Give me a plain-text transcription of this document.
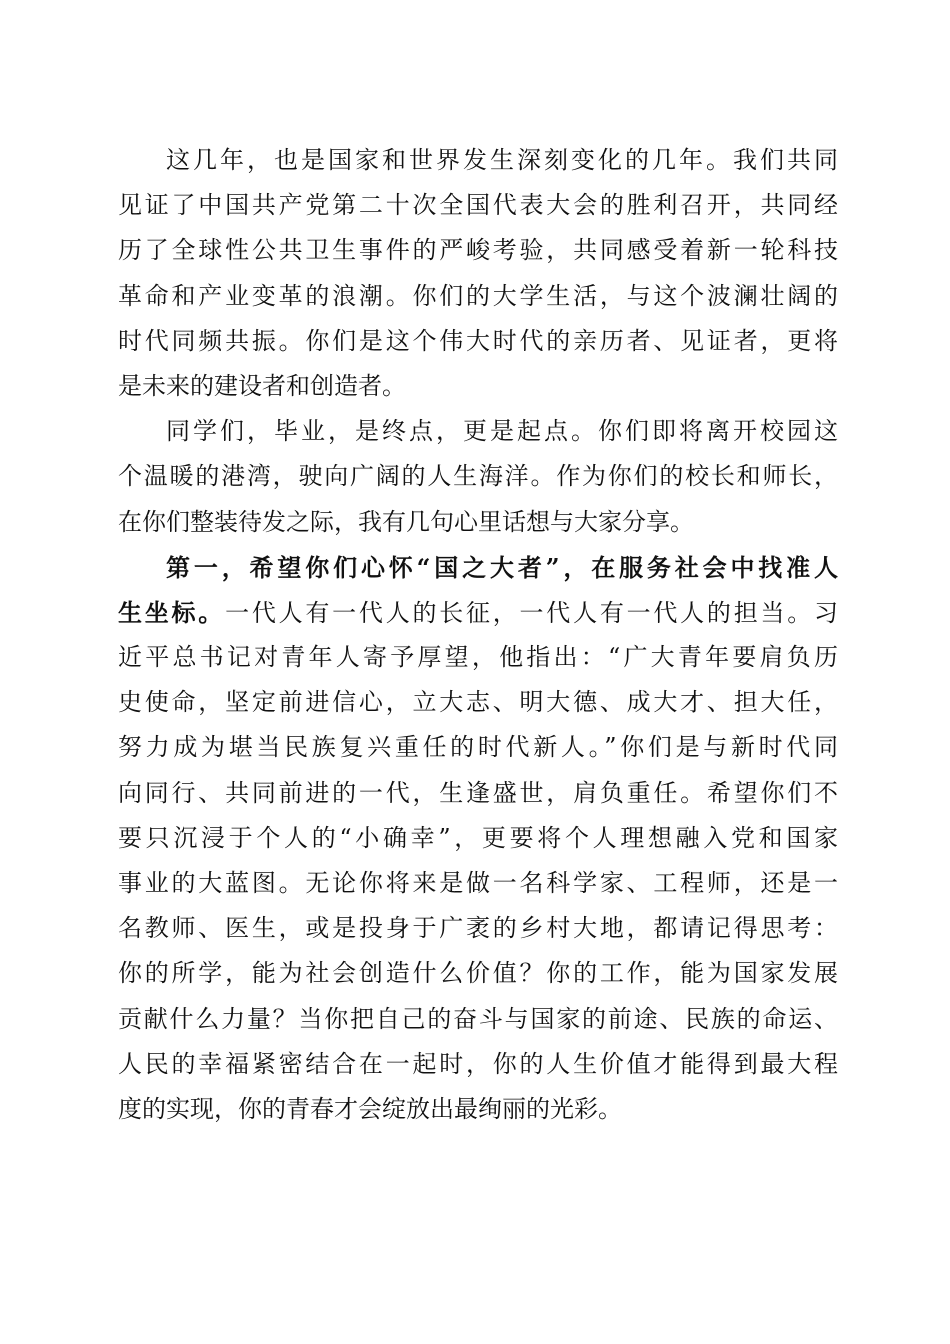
这几年，也是国家和世界发生深刻变化的几年。我们共同
见证了中国共产党第二十次全国代表大会的胜利召开，共同经
历了全球性公共卫生事件的严峻考验，共同感受着新一轮科技
革命和产业变革的浪潮。你们的大学生活，与这个波澜壮阔的
时代同频共振。你们是这个伟大时代的亲历者、见证者，更将
是未来的建设者和创造者。
同学们，毕业，是终点，更是起点。你们即将离开校园这
个温暖的港湾，驶向广阔的人生海洋。作为你们的校长和师长，
在你们整装待发之际，我有几句心里话想与大家分享。
第一，希望你们心怀“国之大者”，在服务社会中找准人
生坐标。一代人有一代人的长征，一代人有一代人的担当。习
近平总书记对青年人寄予厚望，他指出：“广大青年要肩负历
史使命，坚定前进信心，立大志、明大德、成大才、担大任，
努力成为堪当民族复兴重任的时代新人。”你们是与新时代同
向同行、共同前进的一代，生逢盛世，肩负重任。希望你们不
要只沉浸于个人的“小确幸”，更要将个人理想融入党和国家
事业的大蓝图。无论你将来是做一名科学家、工程师，还是一
名教师、医生，或是投身于广袤的乡村大地，都请记得思考：
你的所学，能为社会创造什么价值？你的工作，能为国家发展
贡献什么力量？当你把自己的奋斗与国家的前途、民族的命运、
人民的幸福紧密结合在一起时，你的人生价值才能得到最大程
度的实现，你的青春才会绽放出最绚丽的光彩。
